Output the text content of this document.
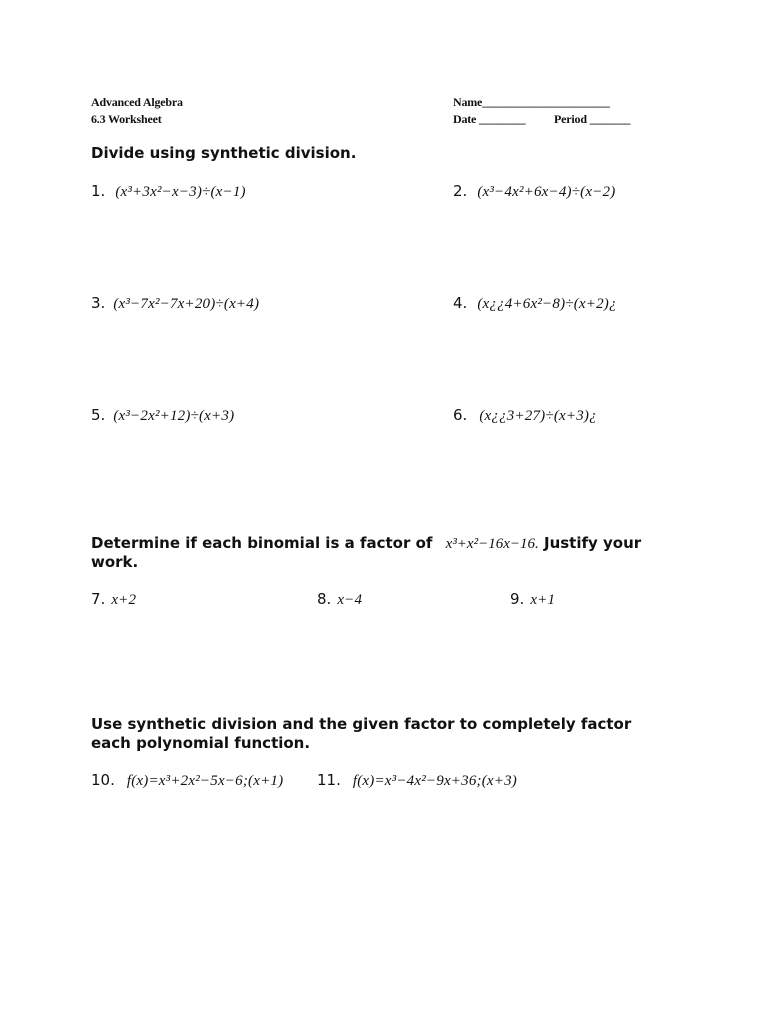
Advanced Algebra
6.3 Worksheet
Name______________________
Date ________ Period _______
Divide using synthetic division.
1. (x³+3x²−x−3)÷(x−1)	2. (x³−4x²+6x−4)÷(x−2)
3. (x³−7x²−7x+20)÷(x+4)	4. (x¿¿4+6x²−8)÷(x+2)¿
5. (x³−2x²+12)÷(x+3)	6. (x¿¿3+27)÷(x+3)¿
Determine if each binomial is a factor of x³+x²−16x−16. Justify your
work.
7. x+2	8. x−4	9. x+1
Use synthetic division and the given factor to completely factor
each polynomial function.
10. f(x)=x³+2x²−5x−6;(x+1) 11. f(x)=x³−4x²−9x+36;(x+3)
